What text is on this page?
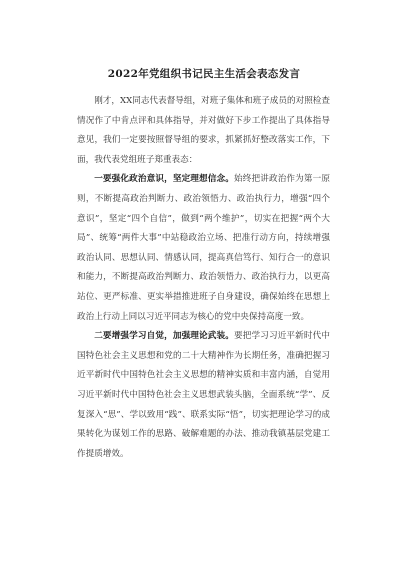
2022年党组织书记民主生活会表态发言

刚才，XX同志代表督导组，对班子集体和班子成员的对照检查情况作了中肯点评和具体指导，并对做好下步工作提出了具体指导意见，我们一定要按照督导组的要求，抓紧抓好整改落实工作，下面，我代表党组班子郑重表态：

一要强化政治意识，坚定理想信念。始终把讲政治作为第一原则，不断提高政治判断力、政治领悟力、政治执行力，增强“四个意识”，坚定“四个自信”，做到“两个维护”，切实在把握“两个大局”、统筹“两件大事”中站稳政治立场、把准行动方向，持续增强政治认同、思想认同、情感认同，提高真信笃行、知行合一的意识和能力，不断提高政治判断力、政治领悟力、政治执行力，以更高站位、更严标准、更实举措推进班子自身建设，确保始终在思想上政治上行动上同以习近平同志为核心的党中央保持高度一致。

二要增强学习自觉，加强理论武装。要把学习习近平新时代中国特色社会主义思想和党的二十大精神作为长期任务，准确把握习近平新时代中国特色社会主义思想的精神实质和丰富内涵，自觉用习近平新时代中国特色社会主义思想武装头脑，全面系统“学”、反复深入“思”、学以致用“践”、联系实际“悟”，切实把理论学习的成果转化为谋划工作的思路、破解难题的办法、推动我镇基层党建工作提质增效。
